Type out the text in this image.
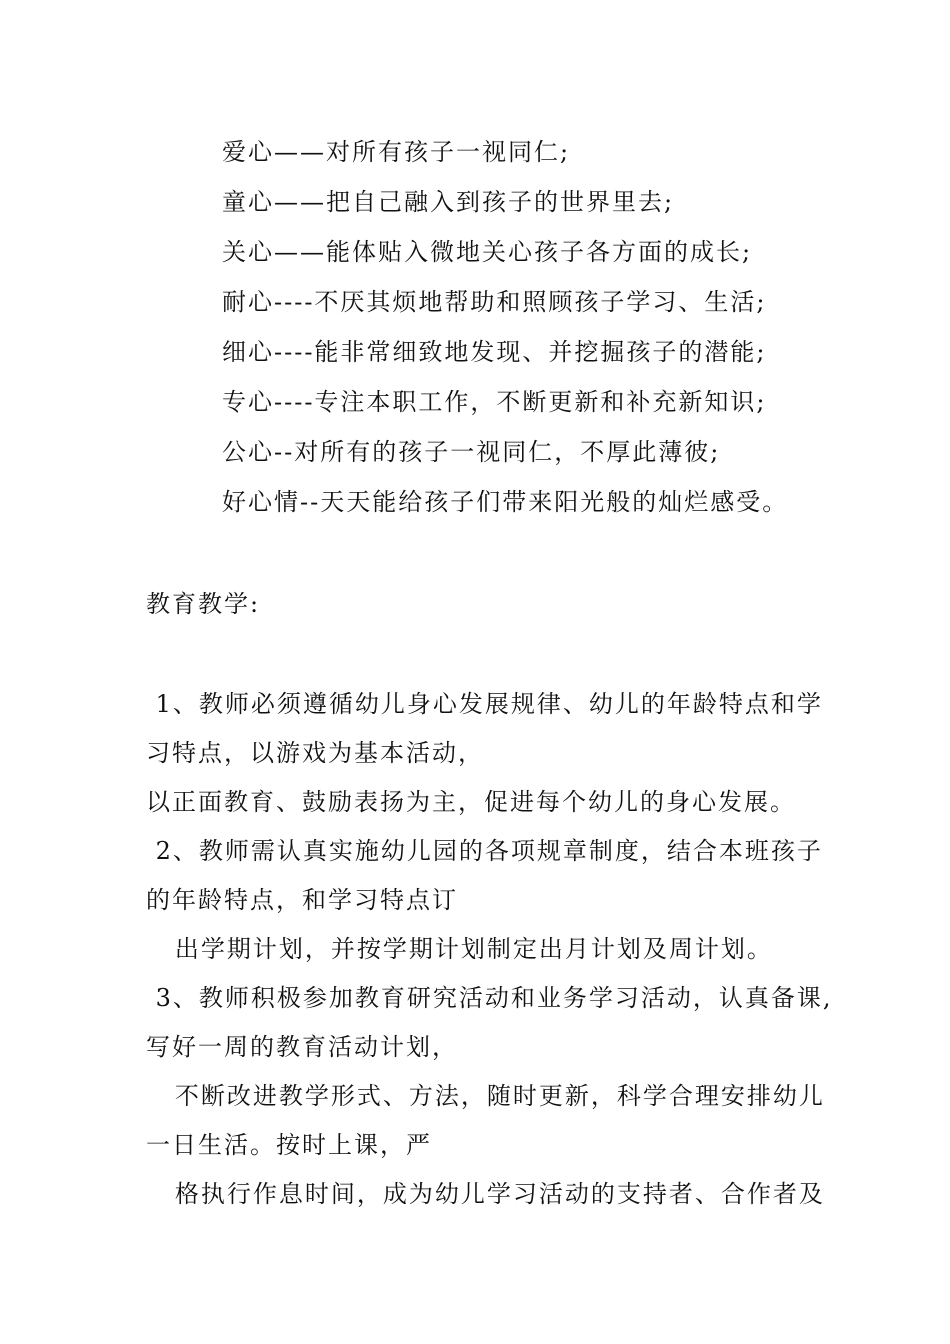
爱心——对所有孩子一视同仁;
童心——把自己融入到孩子的世界里去;
关心——能体贴入微地关心孩子各方面的成长;
耐心----不厌其烦地帮助和照顾孩子学习、生活;
细心----能非常细致地发现、并挖掘孩子的潜能;
专心----专注本职工作，不断更新和补充新知识;
公心--对所有的孩子一视同仁，不厚此薄彼;
好心情--天天能给孩子们带来阳光般的灿烂感受。
教育教学:
1、教师必须遵循幼儿身心发展规律、幼儿的年龄特点和学
习特点，以游戏为基本活动，
以正面教育、鼓励表扬为主，促进每个幼儿的身心发展。
2、教师需认真实施幼儿园的各项规章制度，结合本班孩子
的年龄特点，和学习特点订
出学期计划，并按学期计划制定出月计划及周计划。
3、教师积极参加教育研究活动和业务学习活动，认真备课,
写好一周的教育活动计划，
不断改进教学形式、方法，随时更新，科学合理安排幼儿
一日生活。按时上课，严
格执行作息时间，成为幼儿学习活动的支持者、合作者及
